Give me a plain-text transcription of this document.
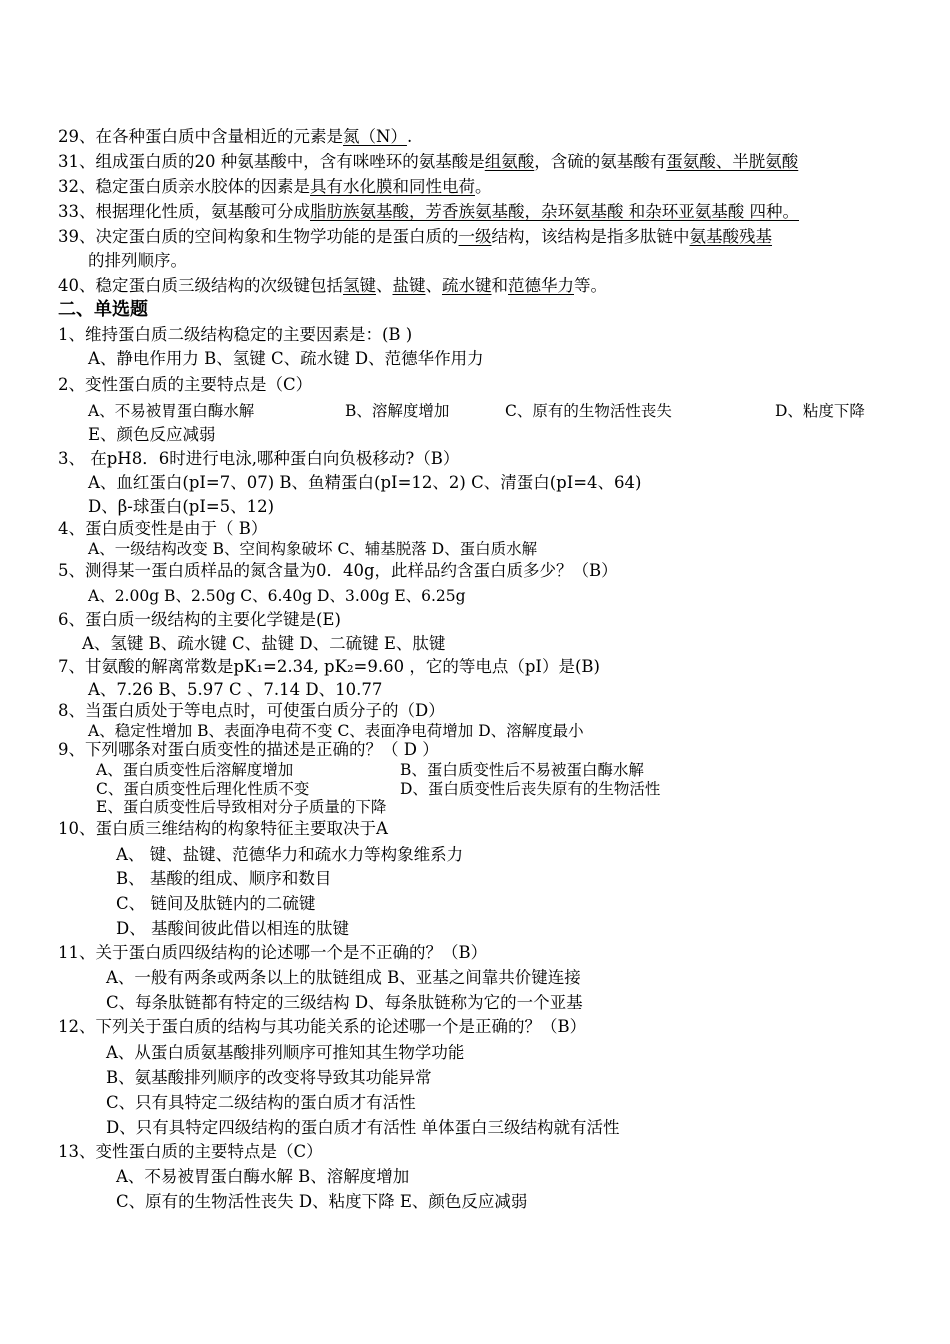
29、在各种蛋白质中含量相近的元素是氮（N）.
31、组成蛋白质的20 种氨基酸中，含有咪唑环的氨基酸是组氨酸，含硫的氨基酸有蛋氨酸、半胱氨酸
32、稳定蛋白质亲水胶体的因素是具有水化膜和同性电荷。
33、根据理化性质，氨基酸可分成脂肪族氨基酸，芳香族氨基酸，杂环氨基酸 和杂环亚氨基酸 四种。
39、决定蛋白质的空间构象和生物学功能的是蛋白质的一级结构，该结构是指多肽链中氨基酸残基
的排列顺序。
40、稳定蛋白质三级结构的次级键包括氢键、盐键、疏水键和范德华力等。
二、单选题
1、维持蛋白质二级结构稳定的主要因素是：(B )
A、静电作用力 B、氢键 C、疏水键 D、范德华作用力
2、变性蛋白质的主要特点是（C）
A、不易被胃蛋白酶水解	B、溶解度增加	C、原有的生物活性丧失	D、粘度下降
E、颜色反应减弱
3、 在pH8．6时进行电泳,哪种蛋白向负极移动?（B）
A、血红蛋白(pI=7、07) B、鱼精蛋白(pI=12、2) C、清蛋白(pI=4、64)
D、β-球蛋白(pI=5、12)
4、蛋白质变性是由于（ B）
A、一级结构改变 B、空间构象破坏 C、辅基脱落 D、蛋白质水解
5、测得某一蛋白质样品的氮含量为0．40g，此样品约含蛋白质多少？（B）
A、2.00g B、2.50g C、6.40g D、3.00g E、6.25g
6、蛋白质一级结构的主要化学键是(E)
A、氢键 B、疏水键 C、盐键 D、二硫键 E、肽键
7、甘氨酸的解离常数是pK₁=2.34, pK₂=9.60 ，它的等电点（pI）是(B)
A、7.26 B、5.97 C 、7.14 D、10.77
8、当蛋白质处于等电点时，可使蛋白质分子的（D）
A、稳定性增加 B、表面净电荷不变 C、表面净电荷增加 D、溶解度最小
9、下列哪条对蛋白质变性的描述是正确的？（ D ）
A、蛋白质变性后溶解度增加	B、蛋白质变性后不易被蛋白酶水解
C、蛋白质变性后理化性质不变	D、蛋白质变性后丧失原有的生物活性
E、蛋白质变性后导致相对分子质量的下降
10、蛋白质三维结构的构象特征主要取决于A
A、 键、盐键、范德华力和疏水力等构象维系力
B、 基酸的组成、顺序和数目
C、 链间及肽链内的二硫键
D、 基酸间彼此借以相连的肽键
11、关于蛋白质四级结构的论述哪一个是不正确的？（B）
A、一般有两条或两条以上的肽链组成 B、亚基之间靠共价键连接
C、每条肽链都有特定的三级结构 D、每条肽链称为它的一个亚基
12、下列关于蛋白质的结构与其功能关系的论述哪一个是正确的？（B）
A、从蛋白质氨基酸排列顺序可推知其生物学功能
B、氨基酸排列顺序的改变将导致其功能异常
C、只有具特定二级结构的蛋白质才有活性
D、只有具特定四级结构的蛋白质才有活性 单体蛋白三级结构就有活性
13、变性蛋白质的主要特点是（C）
A、不易被胃蛋白酶水解 B、溶解度增加
C、原有的生物活性丧失 D、粘度下降 E、颜色反应减弱
